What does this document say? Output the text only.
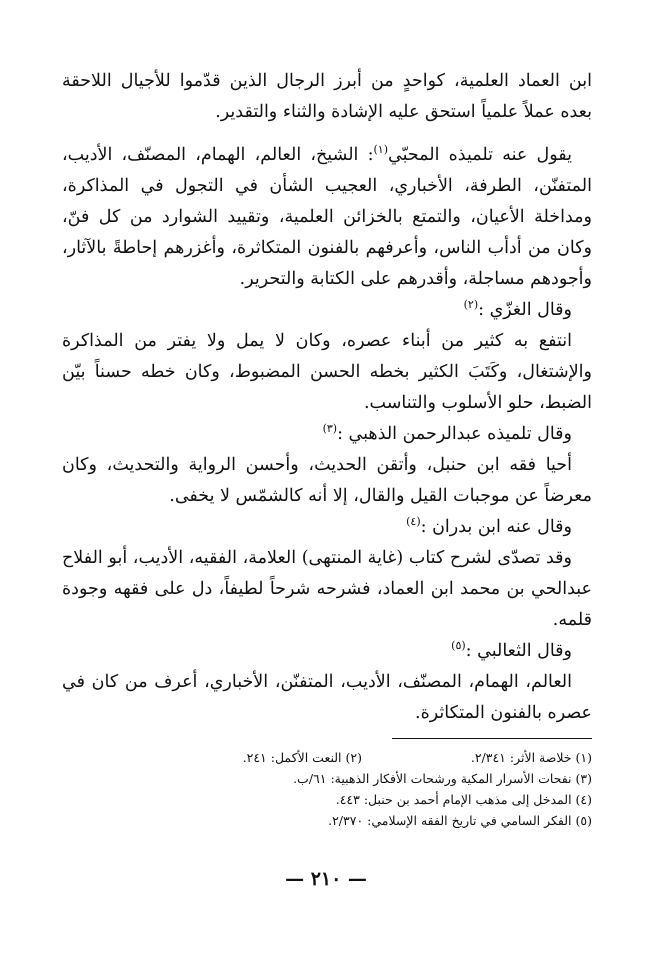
ابن العماد العلمية، كواحدٍ من أبرز الرجال الذين قدّموا للأجيال اللاحقة بعده عملاً علمياً استحق عليه الإشادة والثناء والتقدير.

يقول عنه تلميذه المحبّي$^{(١)}$: الشيخ، العالم، الهمام، المصنّف، الأديب، المتفنّن، الطرفة، الأخباري، العجيب الشأن في التجول في المذاكرة، ومداخلة الأعيان، والتمتع بالخزائن العلمية، وتقييد الشوارد من كل فنّ، وكان من أدأب الناس، وأعرفهم بالفنون المتكاثرة، وأغزرهم إحاطةً بالآثار، وأجودهم مساجلة، وأقدرهم على الكتابة والتحرير.

وقال الغزّي :$^{(٢)}$

انتفع به كثير من أبناء عصره، وكان لا يمل ولا يفتر من المذاكرة والإشتغال، وكَتَبَ الكثير بخطه الحسن المضبوط، وكان خطه حسناً بيّن الضبط، حلو الأسلوب والتناسب.

وقال تلميذه عبدالرحمن الذهبي :$^{(٣)}$

أحيا فقه ابن حنبل، وأتقن الحديث، وأحسن الرواية والتحديث، وكان معرضاً عن موجبات القيل والقال، إلا أنه كالشمّس لا يخفى.

وقال عنه ابن بدران :$^{(٤)}$

وقد تصدّى لشرح كتاب (غاية المنتهى) العلامة، الفقيه، الأديب، أبو الفلاح عبدالحي بن محمد ابن العماد، فشرحه شرحاً لطيفاً، دل على فقهه وجودة قلمه.

وقال الثعالبي :$^{(٥)}$

العالم، الهمام، المصنّف، الأديب، المتفنّن، الأخباري، أعرف من كان في عصره بالفنون المتكاثرة.

(١) خلاصة الأثر: ٢/٣٤١.(٢) النعت الأكمل: ٢٤١.

(٣) نفحات الأسرار المكية ورشحات الأفكار الذهبية: ٦١/ب.

(٤) المدخل إلى مذهب الإمام أحمد بن حنبل: ٤٤٣.

(٥) الفكر السامي في تاريخ الفقه الإسلامي: ٢/٣٧٠.

— ٢١٠ —
